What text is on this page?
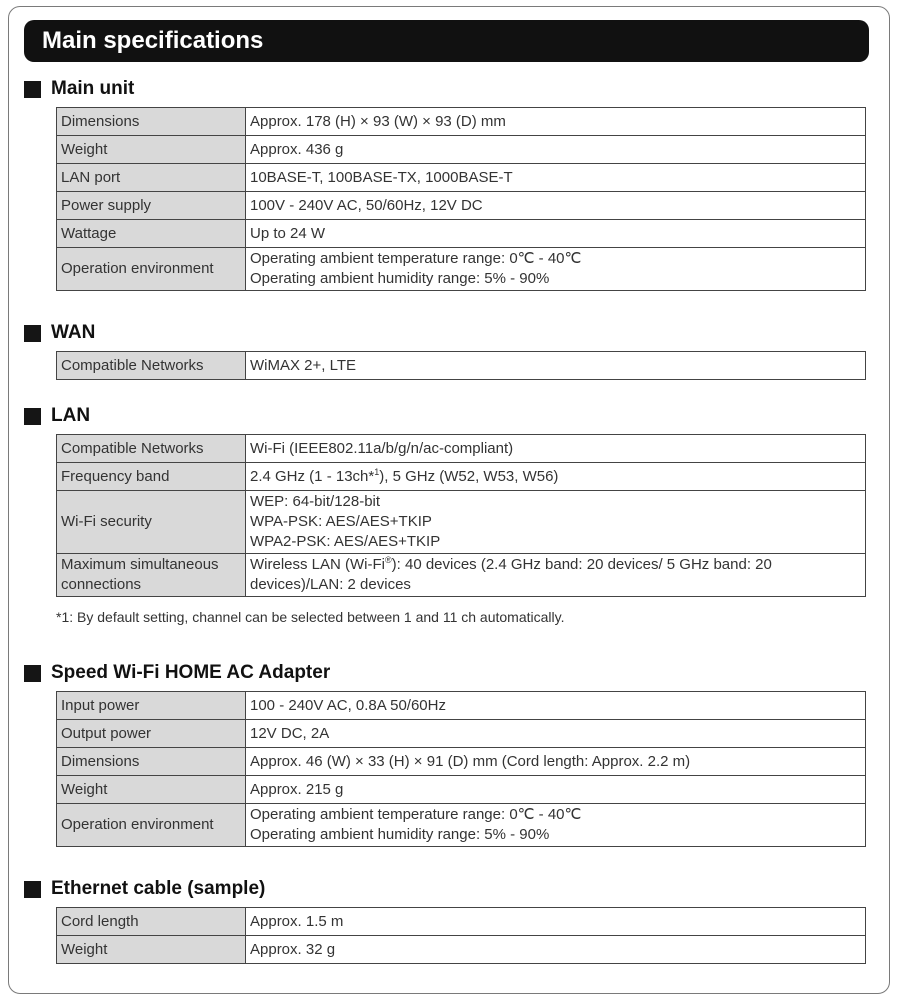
Main specifications
Main unit
Dimensions	Approx. 178 (H) × 93 (W) × 93 (D) mm
Weight	Approx. 436 g
LAN port	10BASE-T, 100BASE-TX, 1000BASE-T
Power supply	100V - 240V AC, 50/60Hz, 12V DC
Wattage	Up to 24 W
Operation environment	Operating ambient temperature range: 0℃ - 40℃
Operating ambient humidity range: 5% - 90%
WAN
Compatible Networks	WiMAX 2+, LTE
LAN
Compatible Networks	Wi-Fi (IEEE802.11a/b/g/n/ac-compliant)
Frequency band	2.4 GHz (1 - 13ch*$^1$), 5 GHz (W52, W53, W56)
Wi-Fi security	WEP: 64-bit/128-bit
WPA-PSK: AES/AES+TKIP
WPA2-PSK: AES/AES+TKIP

Maximum simultaneous
connections	Wireless LAN (Wi-Fi®): 40 devices (2.4 GHz band: 20 devices/ 5 GHz band: 20 devices)/LAN: 2 devices
*1: By default setting, channel can be selected between 1 and 11 ch automatically.
Speed Wi-Fi HOME AC Adapter
Input power	100 - 240V AC, 0.8A 50/60Hz
Output power	12V DC, 2A
Dimensions	Approx. 46 (W) × 33 (H) × 91 (D) mm (Cord length: Approx. 2.2 m)
Weight	Approx. 215 g
Operation environment	Operating ambient temperature range: 0℃ - 40℃
Operating ambient humidity range: 5% - 90%
Ethernet cable (sample)
Cord length	Approx. 1.5 m
Weight	Approx. 32 g
